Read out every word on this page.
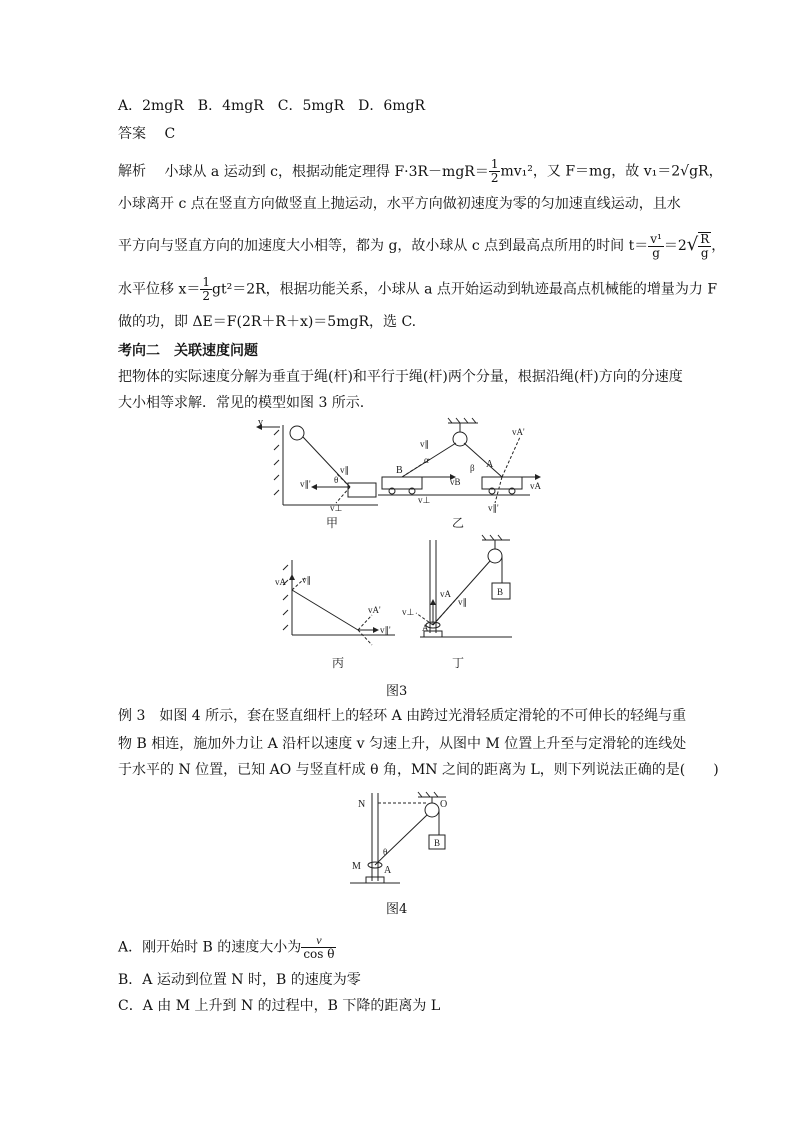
A．2mgR　B．4mgR　C．5mgR　D．6mgR
答案 C
解析 小球从 a 运动到 c，根据动能定理得 $F\cdot 3R-mgR= \frac{1}{2} mv_1^2$，又 F＝mg，故 v₁＝2√gR，
小球离开 c 点在竖直方向做竖直上抛运动，水平方向做初速度为零的匀加速直线运动，且水
平方向与竖直方向的加速度大小相等，都为 g，故小球从 c 点到最高点所用的时间 $t= \frac{\text{v¹}}{g} =2√ \frac{R}{g}$ ，
水平位移 $x= \frac{1}{2} gt^2=2R$，根据功能关系，小球从 a 点开始运动到轨迹最高点机械能的增量为力 F
做的功，即 ΔE＝F(2R＋R＋x)＝5mgR，选 C.
考向二　关联速度问题
把物体的实际速度分解为垂直于绳(杆)和平行于绳(杆)两个分量，根据沿绳(杆)方向的分速度
大小相等求解．常见的模型如图 3 所示.
v
v∥
v∥'	θ
v⊥
甲
B
A
α
β
vB	vA
vA'
v∥
v⊥
v∥'
乙
vA v∥
vA'
v∥'
丙
B
A
v⊥
vA
v∥
丁
图3
例 3　如图 4 所示，套在竖直细杆上的轻环 A 由跨过光滑轻质定滑轮的不可伸长的轻绳与重
物 B 相连，施加外力让 A 沿杆以速度 v 匀速上升，从图中 M 位置上升至与定滑轮的连线处
于水平的 N 位置，已知 AO 与竖直杆成 θ 角，MN 之间的距离为 L，则下列说法正确的是(　　)
N	O
M A
B
θ
图4
A．刚开始时 B 的速度大小为 $\frac{v}{\text{cos θ}}$
B．A 运动到位置 N 时，B 的速度为零
C．A 由 M 上升到 N 的过程中，B 下降的距离为 L
